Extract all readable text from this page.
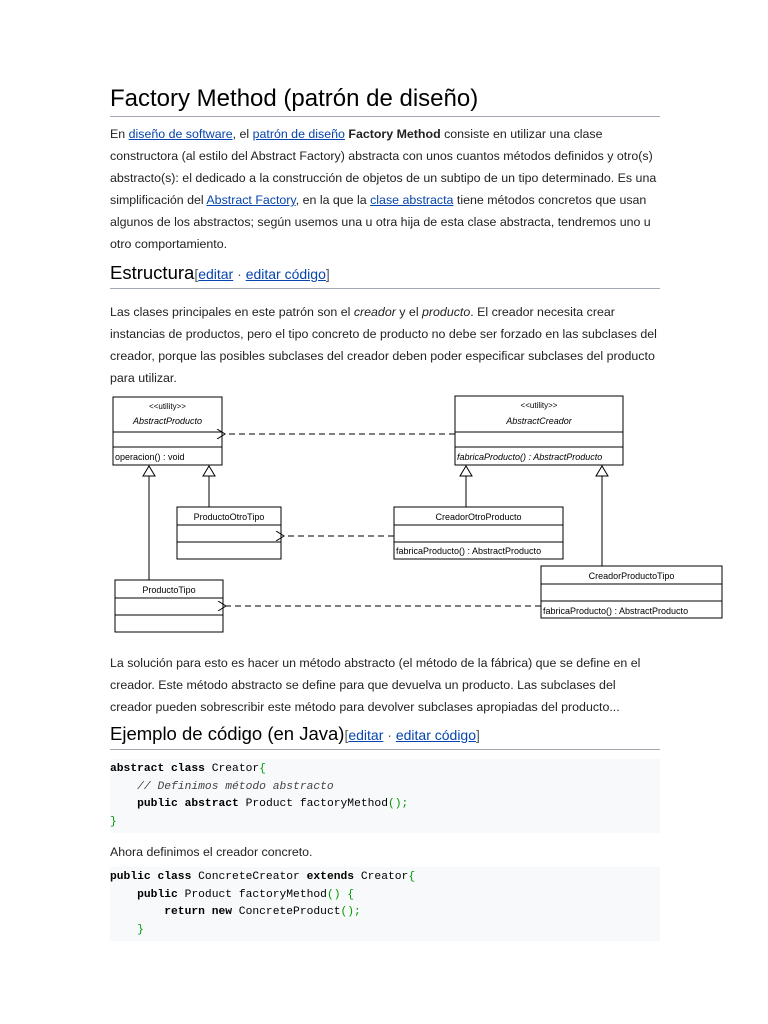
Factory Method (patrón de diseño)

En diseño de software, el patrón de diseño Factory Method consiste en utilizar una clase constructora (al estilo del Abstract Factory) abstracta con unos cuantos métodos definidos y otro(s) abstracto(s): el dedicado a la construcción de objetos de un subtipo de un tipo determinado. Es una simplificación del Abstract Factory, en la que la clase abstracta tiene métodos concretos que usan algunos de los abstractos; según usemos una u otra hija de esta clase abstracta, tendremos uno u otro comportamiento.

Estructura[editar · editar código]

Las clases principales en este patrón son el creador y el producto. El creador necesita crear instancias de productos, pero el tipo concreto de producto no debe ser forzado en las subclases del creador, porque las posibles subclases del creador deben poder especificar subclases del producto para utilizar.

<<utility>>
AbstractProducto
operacion() : void
<<utility>>
AbstractCreador
fabricaProducto() : AbstractProducto
ProductoOtroTipo	CreadorOtroProducto
fabricaProducto() : AbstractProducto
ProductoTipo
CreadorProductoTipo
fabricaProducto() : AbstractProducto

La solución para esto es hacer un método abstracto (el método de la fábrica) que se define en el creador. Este método abstracto se define para que devuelva un producto. Las subclases del creador pueden sobrescribir este método para devolver subclases apropiadas del producto...

Ejemplo de código (en Java)[editar · editar código]
abstract class Creator{
// Definimos método abstracto
public abstract Product factoryMethod();
}

Ahora definimos el creador concreto.

public class ConcreteCreator extends Creator{
public Product factoryMethod() {
return new ConcreteProduct();
}
